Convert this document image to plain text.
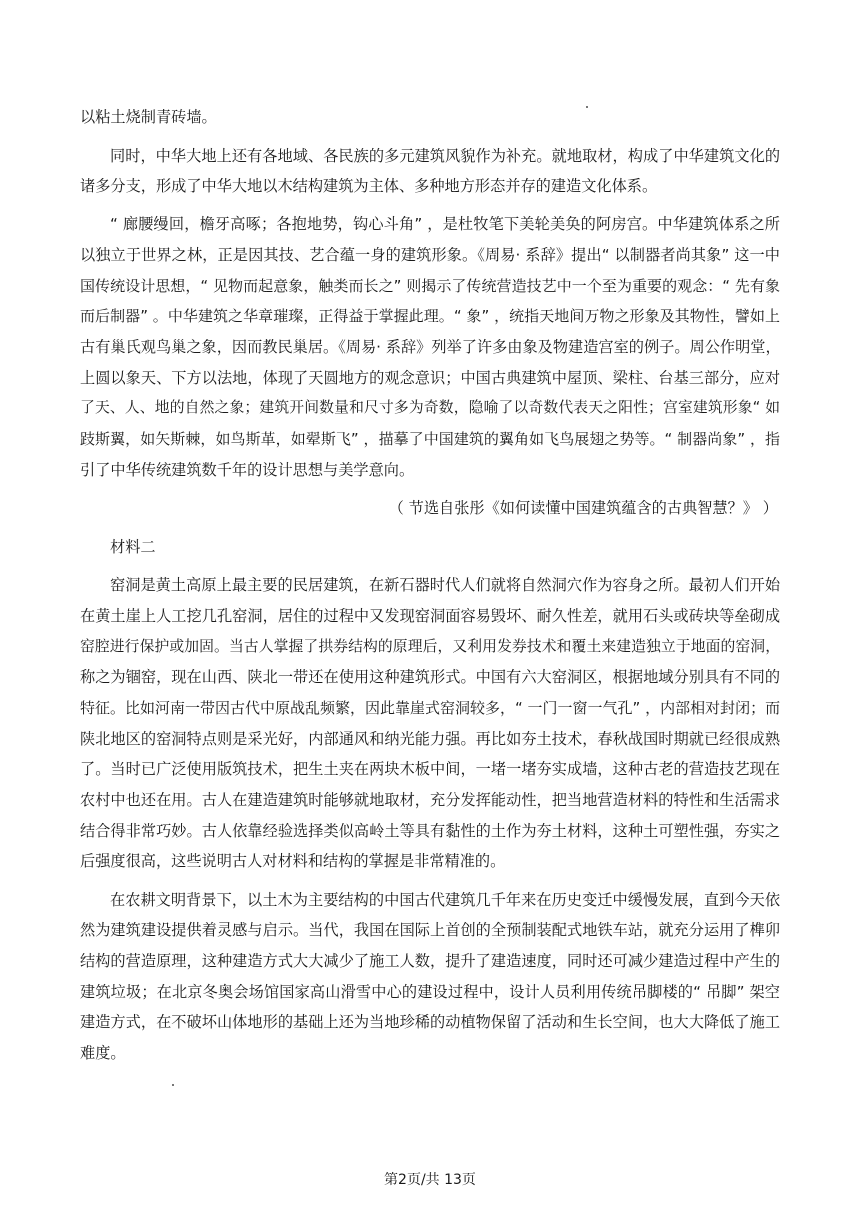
以粘土烧制青砖墙。
同时，中华大地上还有各地域、各民族的多元建筑风貌作为补充。就地取材，构成了中华建筑文化的
诸多分支，形成了中华大地以木结构建筑为主体、多种地方形态并存的建造文化体系。
“ 廊腰缦回，檐牙高啄；各抱地势，钩心斗角” ，是杜牧笔下美轮美奂的阿房宫。中华建筑体系之所
以独立于世界之林，正是因其技、艺合蕴一身的建筑形象。《周易· 系辞》提出“ 以制器者尚其象” 这一中
国传统设计思想，“ 见物而起意象，触类而长之” 则揭示了传统营造技艺中一个至为重要的观念：“ 先有象
而后制器” 。中华建筑之华章璀璨，正得益于掌握此理。“ 象” ，统指天地间万物之形象及其物性，譬如上
古有巢氏观鸟巢之象，因而教民巢居。《周易· 系辞》列举了许多由象及物建造宫室的例子。周公作明堂，
上圆以象天、下方以法地，体现了天圆地方的观念意识；中国古典建筑中屋顶、梁柱、台基三部分，应对
了天、人、地的自然之象；建筑开间数量和尺寸多为奇数，隐喻了以奇数代表天之阳性；宫室建筑形象“ 如
跂斯翼，如矢斯棘，如鸟斯革，如翚斯飞” ，描摹了中国建筑的翼角如飞鸟展翅之势等。“ 制器尚象” ，指
引了中华传统建筑数千年的设计思想与美学意向。
（ 节选自张彤《如何读懂中国建筑蕴含的古典智慧？》 ）
材料二
窑洞是黄土高原上最主要的民居建筑，在新石器时代人们就将自然洞穴作为容身之所。最初人们开始
在黄土崖上人工挖几孔窑洞，居住的过程中又发现窑洞面容易毁坏、耐久性差，就用石头或砖块等垒砌成
窑腔进行保护或加固。当古人掌握了拱券结构的原理后，又利用发券技术和覆土来建造独立于地面的窑洞，
称之为锢窑，现在山西、陕北一带还在使用这种建筑形式。中国有六大窑洞区，根据地域分别具有不同的
特征。比如河南一带因古代中原战乱频繁，因此靠崖式窑洞较多，“ 一门一窗一气孔” ，内部相对封闭；而
陕北地区的窑洞特点则是采光好，内部通风和纳光能力强。再比如夯土技术，春秋战国时期就已经很成熟
了。当时已广泛使用版筑技术，把生土夹在两块木板中间，一堵一堵夯实成墙，这种古老的营造技艺现在
农村中也还在用。古人在建造建筑时能够就地取材，充分发挥能动性，把当地营造材料的特性和生活需求
结合得非常巧妙。古人依靠经验选择类似高岭土等具有黏性的土作为夯土材料，这种土可塑性强，夯实之
后强度很高，这些说明古人对材料和结构的掌握是非常精准的。
在农耕文明背景下，以土木为主要结构的中国古代建筑几千年来在历史变迁中缓慢发展，直到今天依
然为建筑建设提供着灵感与启示。当代，我国在国际上首创的全预制装配式地铁车站，就充分运用了榫卯
结构的营造原理，这种建造方式大大减少了施工人数，提升了建造速度，同时还可减少建造过程中产生的
建筑垃圾；在北京冬奥会场馆国家高山滑雪中心的建设过程中，设计人员利用传统吊脚楼的“ 吊脚” 架空
建造方式，在不破坏山体地形的基础上还为当地珍稀的动植物保留了活动和生长空间，也大大降低了施工
难度。
第2页/共 13页
